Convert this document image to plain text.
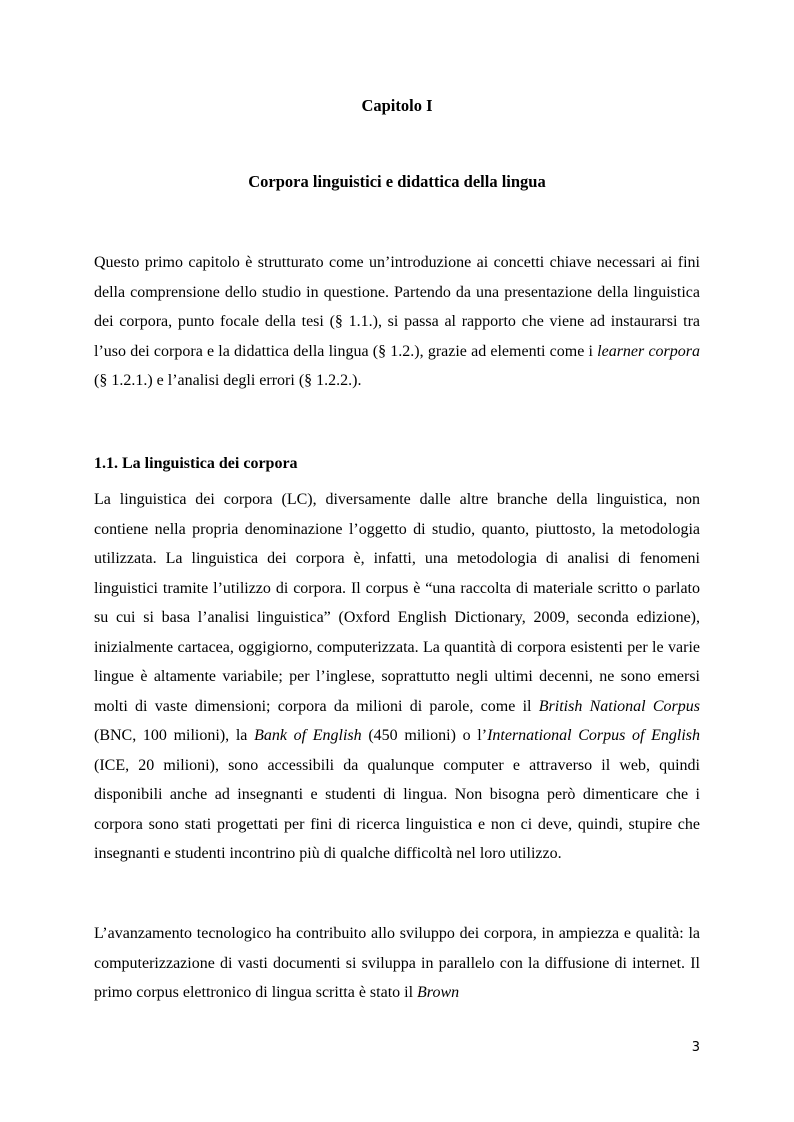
Capitolo I
Corpora linguistici e didattica della lingua

Questo primo capitolo è strutturato come un’introduzione ai concetti chiave necessari ai fini della comprensione dello studio in questione. Partendo da una presentazione della linguistica dei corpora, punto focale della tesi (§ 1.1.), si passa al rapporto che viene ad instaurarsi tra l’uso dei corpora e la didattica della lingua (§ 1.2.), grazie ad elementi come i learner corpora (§ 1.2.1.) e l’analisi degli errori (§ 1.2.2.).

1.1. La linguistica dei corpora

La linguistica dei corpora (LC), diversamente dalle altre branche della linguistica, non contiene nella propria denominazione l’oggetto di studio, quanto, piuttosto, la metodologia utilizzata. La linguistica dei corpora è, infatti, una metodologia di analisi di fenomeni linguistici tramite l’utilizzo di corpora. Il corpus è “una raccolta di materiale scritto o parlato su cui si basa l’analisi linguistica” (Oxford English Dictionary, 2009, seconda edizione), inizialmente cartacea, oggigiorno, computerizzata. La quantità di corpora esistenti per le varie lingue è altamente variabile; per l’inglese, soprattutto negli ultimi decenni, ne sono emersi molti di vaste dimensioni; corpora da milioni di parole, come il British National Corpus (BNC, 100 milioni), la Bank of English (450 milioni) o l’International Corpus of English (ICE, 20 milioni), sono accessibili da qualunque computer e attraverso il web, quindi disponibili anche ad insegnanti e studenti di lingua. Non bisogna però dimenticare che i corpora sono stati progettati per fini di ricerca linguistica e non ci deve, quindi, stupire che insegnanti e studenti incontrino più di qualche difficoltà nel loro utilizzo.

L’avanzamento tecnologico ha contribuito allo sviluppo dei corpora, in ampiezza e qualità: la computerizzazione di vasti documenti si sviluppa in parallelo con la diffusione di internet. Il primo corpus elettronico di lingua scritta è stato il Brown

3
